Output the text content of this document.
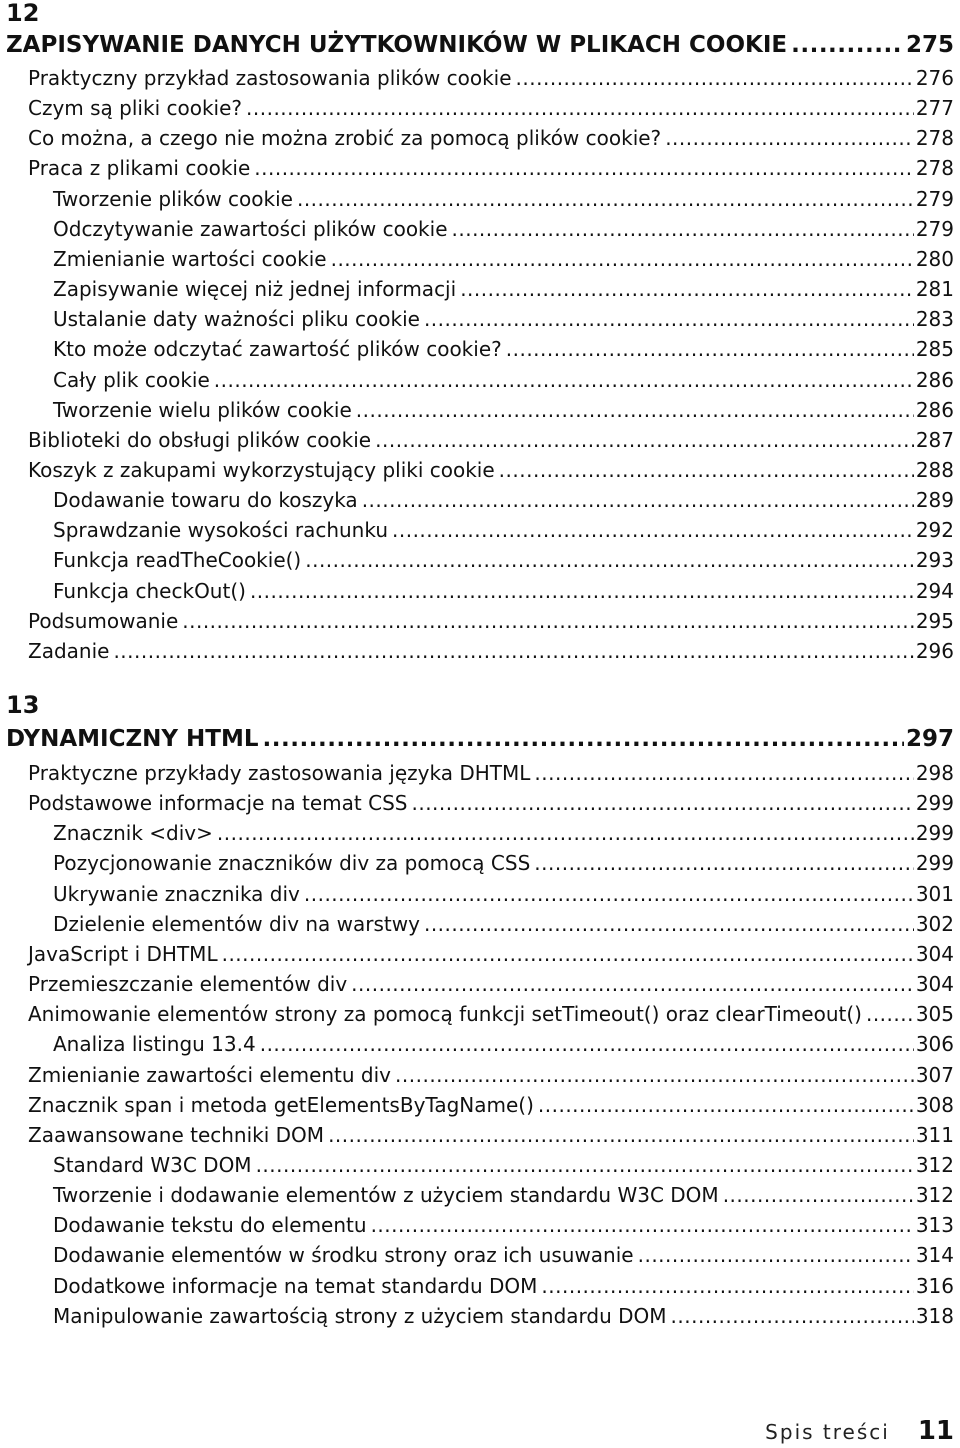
12
ZAPISYWANIE DANYCH UŻYTKOWNIKÓW W PLIKACH COOKIE .....	275
Praktyczny przykład zastosowania plików cookie .....	276
Czym są pliki cookie? .....	277
Co można, a czego nie można zrobić za pomocą plików cookie? .....	278
Praca z plikami cookie .....	278
Tworzenie plików cookie .....	279
Odczytywanie zawartości plików cookie .....	279
Zmienianie wartości cookie .....	280
Zapisywanie więcej niż jednej informacji .....	281
Ustalanie daty ważności pliku cookie .....	283
Kto może odczytać zawartość plików cookie? .....	285
Cały plik cookie .....	286
Tworzenie wielu plików cookie .....	286
Biblioteki do obsługi plików cookie .....	287
Koszyk z zakupami wykorzystujący pliki cookie .....	288
Dodawanie towaru do koszyka .....	289
Sprawdzanie wysokości rachunku .....	292
Funkcja readTheCookie() .....	293
Funkcja checkOut() .....	294
Podsumowanie .....	295
Zadanie .....	296
13
DYNAMICZNY HTML .....	297
Praktyczne przykłady zastosowania języka DHTML .....	298
Podstawowe informacje na temat CSS .....	299
Znacznik <div> .....	299
Pozycjonowanie znaczników div za pomocą CSS .....	299
Ukrywanie znacznika div .....	301
Dzielenie elementów div na warstwy .....	302
JavaScript i DHTML .....	304
Przemieszczanie elementów div .....	304
Animowanie elementów strony za pomocą funkcji setTimeout() oraz clearTimeout() .....	305
Analiza listingu 13.4 .....	306
Zmienianie zawartości elementu div .....	307
Znacznik span i metoda getElementsByTagName() .....	308
Zaawansowane techniki DOM .....	311
Standard W3C DOM .....	312
Tworzenie i dodawanie elementów z użyciem standardu W3C DOM .....	312
Dodawanie tekstu do elementu .....	313
Dodawanie elementów w środku strony oraz ich usuwanie .....	314
Dodatkowe informacje na temat standardu DOM .....	316
Manipulowanie zawartością strony z użyciem standardu DOM .....	318
Spis treści 11
